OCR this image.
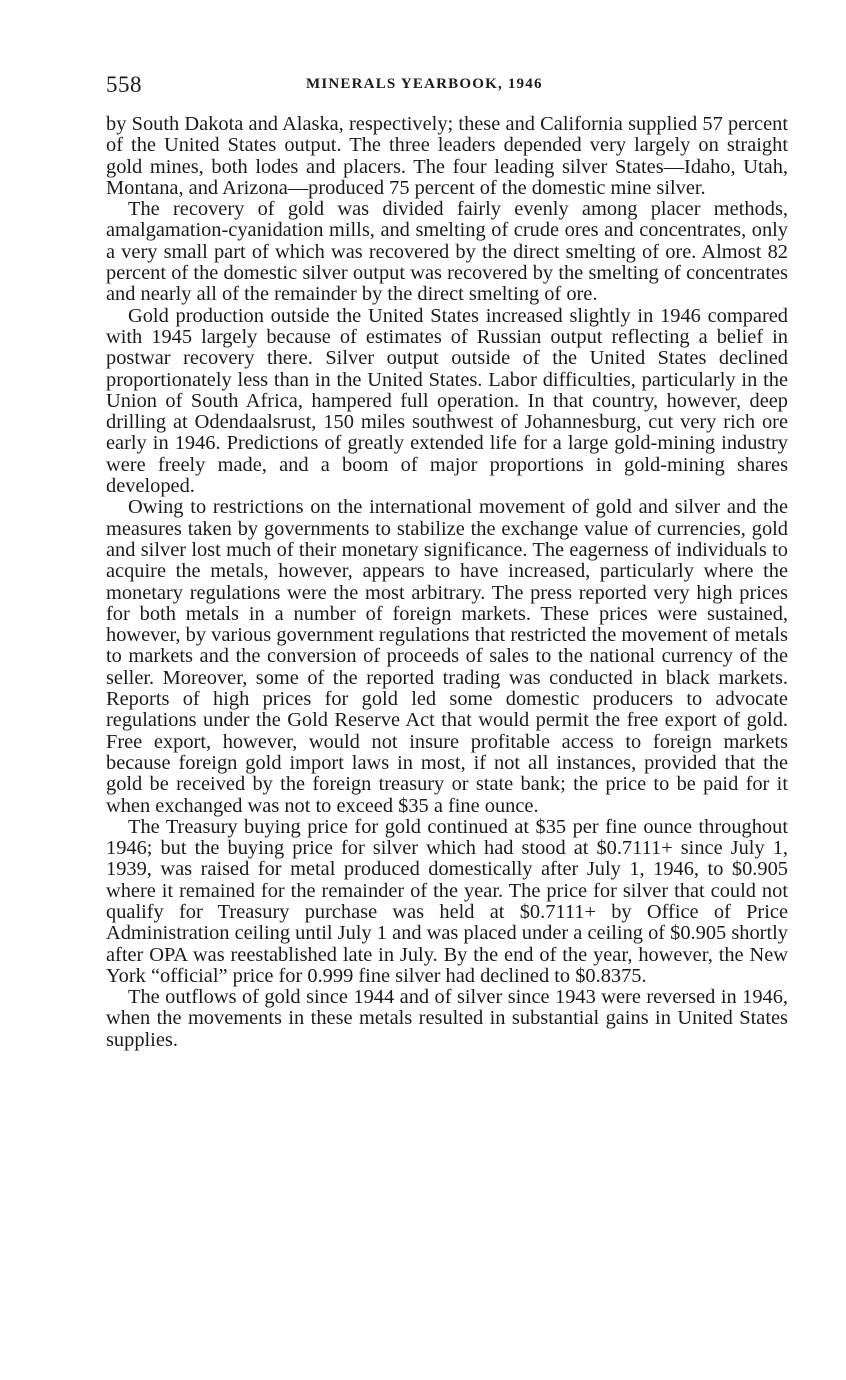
558	MINERALS YEARBOOK, 1946

by South Dakota and Alaska, respectively; these and California supplied 57 percent of the United States output. The three leaders depended very largely on straight gold mines, both lodes and placers. The four leading silver States—Idaho, Utah, Montana, and Arizona—produced 75 percent of the domestic mine silver.

The recovery of gold was divided fairly evenly among placer methods, amalgamation-cyanidation mills, and smelting of crude ores and concentrates, only a very small part of which was recovered by the direct smelting of ore. Almost 82 percent of the domestic silver output was recovered by the smelting of concentrates and nearly all of the remainder by the direct smelting of ore.

Gold production outside the United States increased slightly in 1946 compared with 1945 largely because of estimates of Russian output reflecting a belief in postwar recovery there. Silver output outside of the United States declined proportionately less than in the United States. Labor difficulties, particularly in the Union of South Africa, hampered full operation. In that country, however, deep drilling at Odendaalsrust, 150 miles southwest of Johannesburg, cut very rich ore early in 1946. Predictions of greatly extended life for a large gold-mining industry were freely made, and a boom of major proportions in gold-mining shares developed.

Owing to restrictions on the international movement of gold and silver and the measures taken by governments to stabilize the exchange value of currencies, gold and silver lost much of their monetary significance. The eagerness of individuals to acquire the metals, however, appears to have increased, particularly where the monetary regulations were the most arbitrary. The press reported very high prices for both metals in a number of foreign markets. These prices were sustained, however, by various government regulations that restricted the movement of metals to markets and the conversion of proceeds of sales to the national currency of the seller. Moreover, some of the reported trading was conducted in black markets. Reports of high prices for gold led some domestic producers to advocate regulations under the Gold Reserve Act that would permit the free export of gold. Free export, however, would not insure profitable access to foreign markets because foreign gold import laws in most, if not all instances, provided that the gold be received by the foreign treasury or state bank; the price to be paid for it when exchanged was not to exceed $35 a fine ounce.

The Treasury buying price for gold continued at $35 per fine ounce throughout 1946; but the buying price for silver which had stood at $0.7111+ since July 1, 1939, was raised for metal produced domestically after July 1, 1946, to $0.905 where it remained for the remainder of the year. The price for silver that could not qualify for Treasury purchase was held at $0.7111+ by Office of Price Administration ceiling until July 1 and was placed under a ceiling of $0.905 shortly after OPA was reestablished late in July. By the end of the year, however, the New York “official” price for 0.999 fine silver had declined to $0.8375.

The outflows of gold since 1944 and of silver since 1943 were reversed in 1946, when the movements in these metals resulted in substantial gains in United States supplies.
